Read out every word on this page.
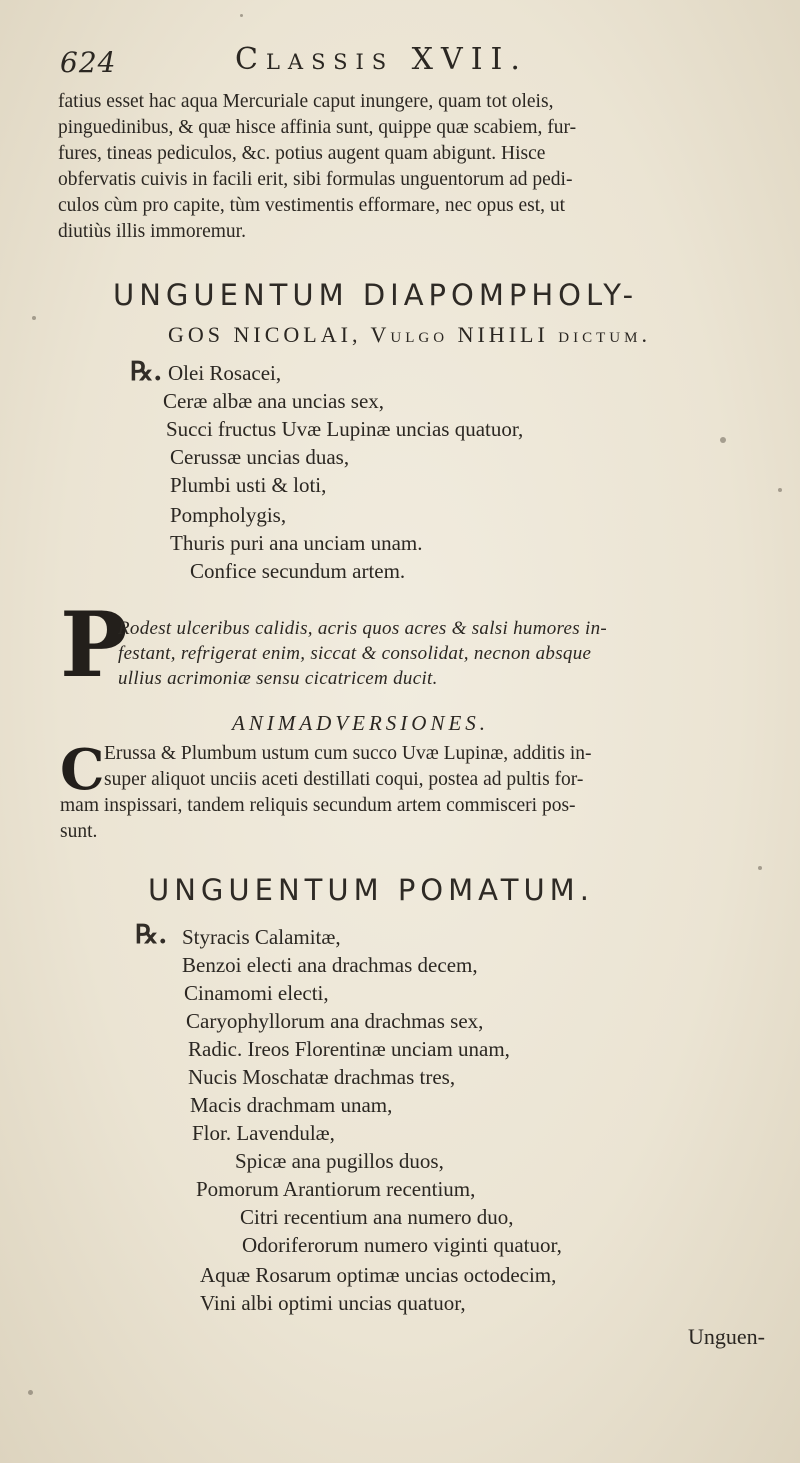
624	Classis XVII.
fatius esset hac aqua Mercuriale caput inungere, quam tot oleis,
pinguedinibus, & quæ hisce affinia sunt, quippe quæ scabiem, fur-
fures, tineas pediculos, &c. potius augent quam abigunt. Hisce
obfervatis cuivis in facili erit, sibi formulas unguentorum ad pedi-
culos cùm pro capite, tùm vestimentis efformare, nec opus est, ut
diutiùs illis immoremur.
UNGUENTUM DIAPOMPHOLY-
GOS NICOLAI, Vulgo NIHILI dictum.
℞. Olei Rosacei,
Ceræ albæ ana uncias sex,
Succi fructus Uvæ Lupinæ uncias quatuor,
Cerussæ uncias duas,
Plumbi usti & loti,
Pompholygis,
Thuris puri ana unciam unam.
Confice secundum artem.
P
Rodest ulceribus calidis, acris quos acres & salsi humores in-
festant, refrigerat enim, siccat & consolidat, necnon absque
ullius acrimoniæ sensu cicatricem ducit.
ANIMADVERSIONES.
C Erussa & Plumbum ustum cum succo Uvæ Lupinæ, additis in-
super aliquot unciis aceti destillati coqui, postea ad pultis for-
mam inspissari, tandem reliquis secundum artem commisceri pos-
sunt.
UNGUENTUM POMATUM.
℞. Styracis Calamitæ,
Benzoi electi ana drachmas decem,
Cinamomi electi,
Caryophyllorum ana drachmas sex,
Radic. Ireos Florentinæ unciam unam,
Nucis Moschatæ drachmas tres,
Macis drachmam unam,
Flor. Lavendulæ,
Spicæ ana pugillos duos,
Pomorum Arantiorum recentium,
Citri recentium ana numero duo,
Odoriferorum numero viginti quatuor,
Aquæ Rosarum optimæ uncias octodecim,
Vini albi optimi uncias quatuor,
Unguen-
